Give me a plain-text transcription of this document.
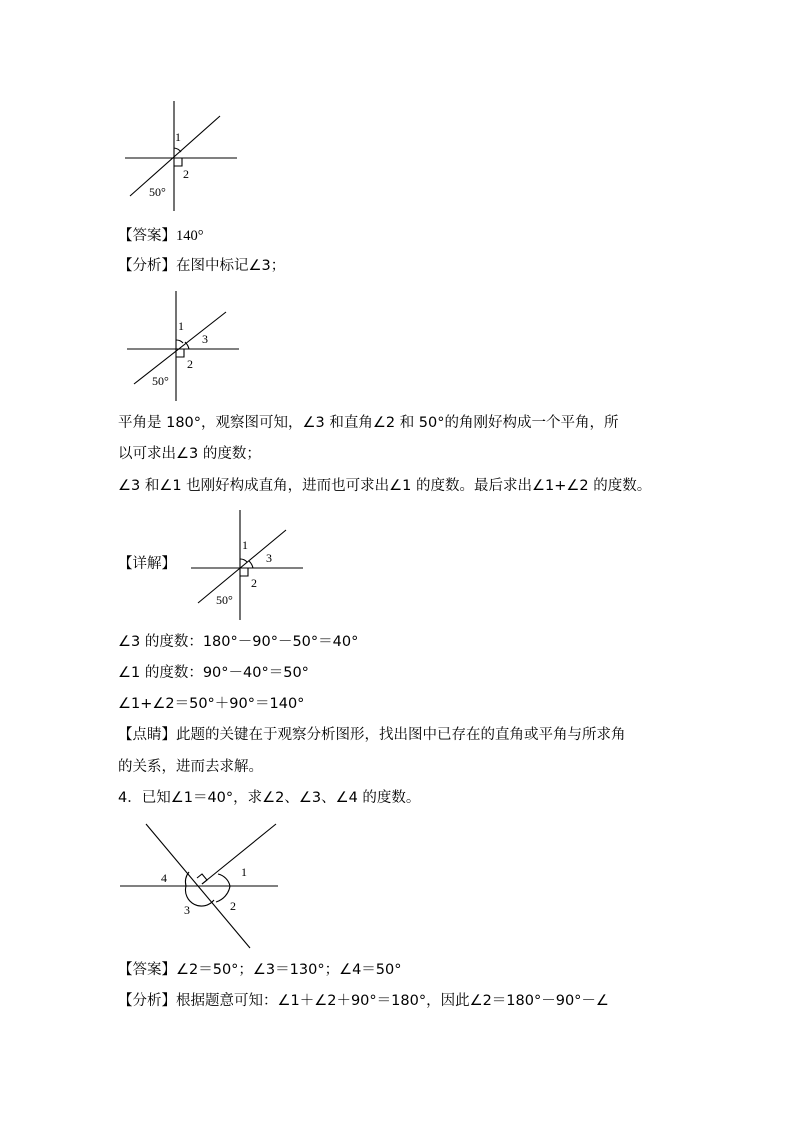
1
2
50°
【答案】140°
【分析】在图中标记∠3；
1
3
2
50°
平角是 180°，观察图可知，∠3 和直角∠2 和 50°的角刚好构成一个平角，所
以可求出∠3 的度数；
∠3 和∠1 也刚好构成直角，进而也可求出∠1 的度数。最后求出∠1+∠2 的度数。
【详解】
1
3
2
50°
∠3 的度数：180°－90°－50°＝40°
∠1 的度数：90°－40°＝50°
∠1+∠2＝50°＋90°＝140°
【点睛】此题的关键在于观察分析图形，找出图中已存在的直角或平角与所求角
的关系，进而去求解。
4．已知∠1＝40°，求∠2、∠3、∠4 的度数。
4	1
3	2
【答案】∠2＝50°；∠3＝130°；∠4＝50°
【分析】根据题意可知：∠1＋∠2＋90°＝180°，因此∠2＝180°－90°－∠
